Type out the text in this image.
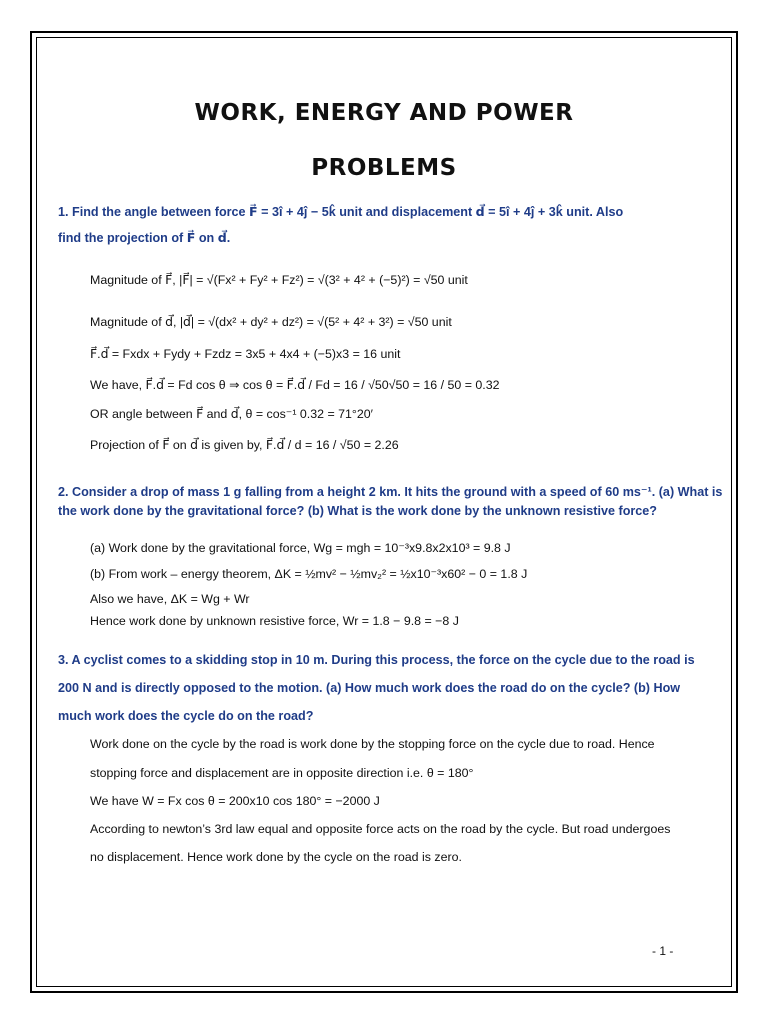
WORK, ENERGY AND POWER
PROBLEMS
1. Find the angle between force F⃗ = 3î + 4ĵ − 5k̂ unit and displacement d⃗ = 5î + 4ĵ + 3k̂ unit. Also
find the projection of F⃗ on d⃗.
Magnitude of F⃗, |F⃗| = √(Fx² + Fy² + Fz²) = √(3² + 4² + (−5)²) = √50 unit
Magnitude of d⃗, |d⃗| = √(dx² + dy² + dz²) = √(5² + 4² + 3²) = √50 unit
F⃗.d⃗ = Fxdx + Fydy + Fzdz = 3x5 + 4x4 + (−5)x3 = 16 unit
We have, F⃗.d⃗ = Fd cos θ ⇒ cos θ = F⃗.d⃗ / Fd = 16 / √50√50 = 16 / 50 = 0.32
OR angle between F⃗ and d⃗, θ = cos⁻¹ 0.32 = 71°20′
Projection of F⃗ on d⃗ is given by, F⃗.d⃗ / d = 16 / √50 = 2.26
2. Consider a drop of mass 1 g falling from a height 2 km. It hits the ground with a speed of 60 ms⁻¹. (a) What is
the work done by the gravitational force? (b) What is the work done by the unknown resistive force?
(a) Work done by the gravitational force, Wg = mgh = 10⁻³x9.8x2x10³ = 9.8 J
(b) From work – energy theorem, ΔK = ½mv² − ½mv₂² = ½x10⁻³x60² − 0 = 1.8 J
Also we have, ΔK = Wg + Wr
Hence work done by unknown resistive force, Wr = 1.8 − 9.8 = −8 J
3. A cyclist comes to a skidding stop in 10 m. During this process, the force on the cycle due to the road is
200 N and is directly opposed to the motion. (a) How much work does the road do on the cycle? (b) How
much work does the cycle do on the road?
Work done on the cycle by the road is work done by the stopping force on the cycle due to road. Hence
stopping force and displacement are in opposite direction i.e. θ = 180°
We have W = Fx cos θ = 200x10 cos 180° = −2000 J
According to newton’s 3rd law equal and opposite force acts on the road by the cycle. But road undergoes
no displacement. Hence work done by the cycle on the road is zero.
- 1 -
